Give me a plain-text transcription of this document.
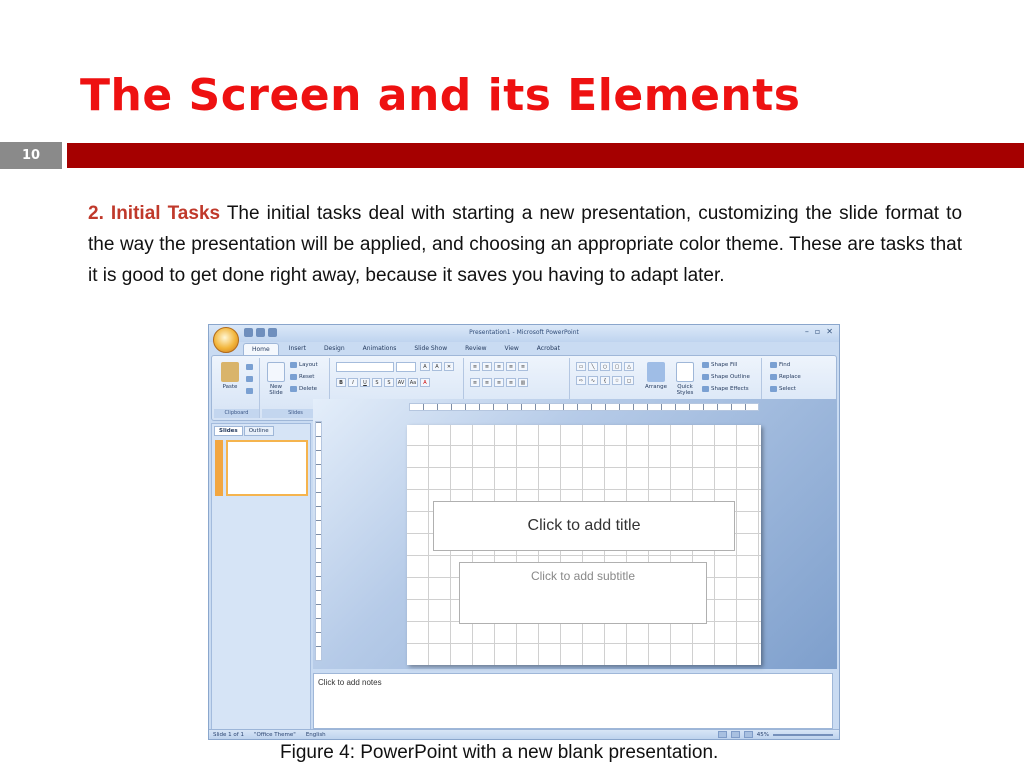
The Screen and its Elements
10

2. Initial Tasks The initial tasks deal with starting a new presentation, customizing the slide format to the way the presentation will be applied, and choosing an appropriate color theme. These are tasks that it is good to get done right away, because it saves you having to adapt later.

Presentation1 - Microsoft PowerPoint	– ▫ ✕
Home	Insert	Design	Animations	Slide Show	Review	View	Acrobat
Paste
Clipboard
New Slide
Layout
Reset
Delete
Slides
A	A	✕
B	I	U	S	S	AV	Aa	A
≡	≡	≡	≡	≡
≡	≡	≡	≡	▥
▭	╲	○	▢	△
⇨	∿	{	☆	◻
Arrange	Quick Styles
Shape Fill
Shape Outline
Shape Effects
Find
Replace
Select
Slides	Outline
Click to add title
Click to add subtitle
Click to add notes
Slide 1 of 1 "Office Theme" English	45%
Figure 4: PowerPoint with a new blank presentation.
